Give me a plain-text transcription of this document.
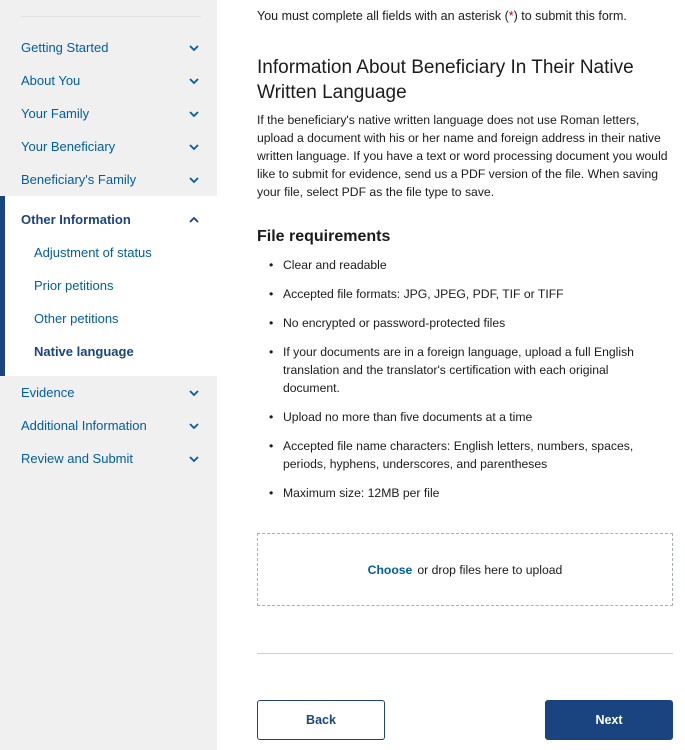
Getting Started
About You
Your Family
Your Beneficiary
Beneficiary's Family
Other Information
Adjustment of status
Prior petitions
Other petitions
Native language
Evidence
Additional Information
Review and Submit

You must complete all fields with an asterisk (*) to submit this form.

Information About Beneficiary In Their Native Written Language

If the beneficiary's native written language does not use Roman letters, upload a document with his or her name and foreign address in their native written language. If you have a text or word processing document you would like to submit for evidence, send us a PDF version of the file. When saving your file, select PDF as the file type to save.

File requirements
• Clear and readable
• Accepted file formats: JPG, JPEG, PDF, TIF or TIFF
• No encrypted or password-protected files
• If your documents are in a foreign language, upload a full English translation and the translator's certification with each original document.
• Upload no more than five documents at a time
• Accepted file name characters: English letters, numbers, spaces, periods, hyphens, underscores, and parentheses
• Maximum size: 12MB per file
Choose or drop files here to upload
Back	Next
